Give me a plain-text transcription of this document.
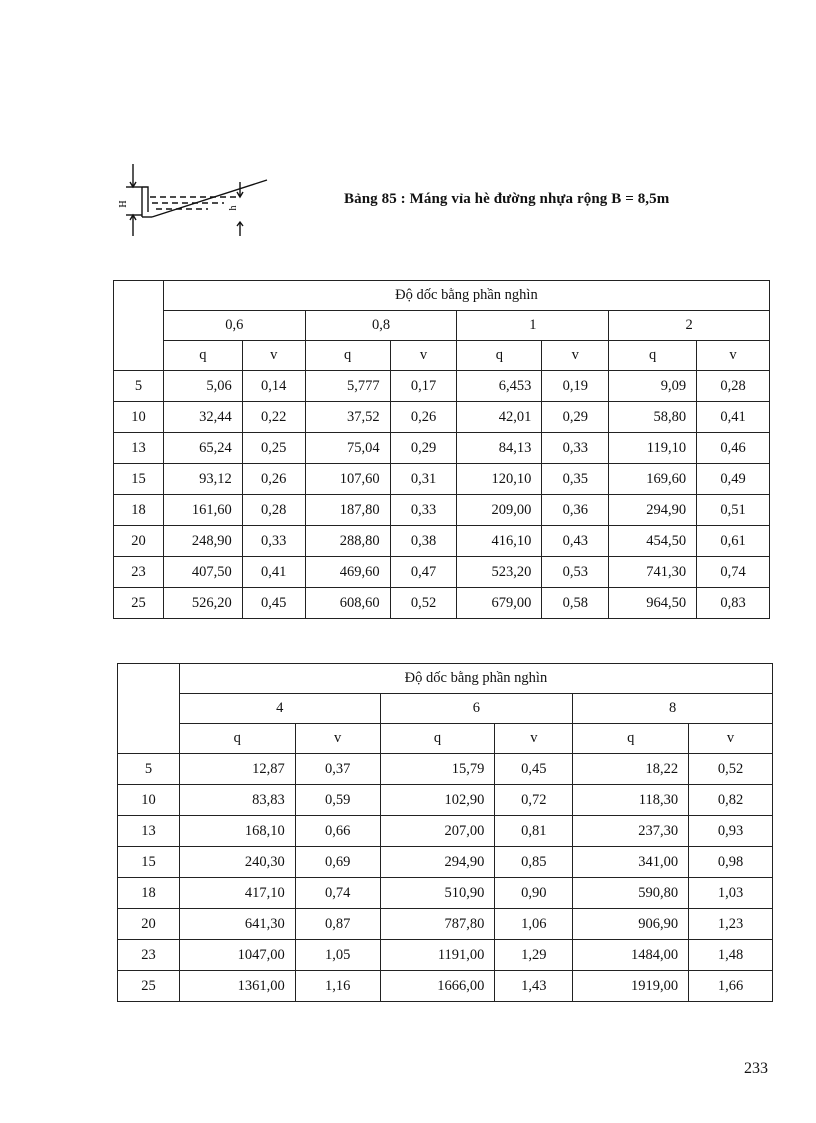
H
h
Bảng 85 : Máng vỉa hè đường nhựa rộng B = 8,5m
	Độ dốc bằng phần nghìn							
	0,6		0,8		1		2	
	q	v	q	v	q	v	q	v
5	5,06	0,14	5,777	0,17	6,453	0,19	9,09	0,28
10	32,44	0,22	37,52	0,26	42,01	0,29	58,80	0,41
13	65,24	0,25	75,04	0,29	84,13	0,33	119,10	0,46
15	93,12	0,26	107,60	0,31	120,10	0,35	169,60	0,49
18	161,60	0,28	187,80	0,33	209,00	0,36	294,90	0,51
20	248,90	0,33	288,80	0,38	416,10	0,43	454,50	0,61
23	407,50	0,41	469,60	0,47	523,20	0,53	741,30	0,74
25	526,20	0,45	608,60	0,52	679,00	0,58	964,50	0,83
	Độ dốc bằng phần nghìn					
	4		6		8	
	q	v	q	v	q	v
5	12,87	0,37	15,79	0,45	18,22	0,52
10	83,83	0,59	102,90	0,72	118,30	0,82
13	168,10	0,66	207,00	0,81	237,30	0,93
15	240,30	0,69	294,90	0,85	341,00	0,98
18	417,10	0,74	510,90	0,90	590,80	1,03
20	641,30	0,87	787,80	1,06	906,90	1,23
23	1047,00	1,05	1191,00	1,29	1484,00	1,48
25	1361,00	1,16	1666,00	1,43	1919,00	1,66
233
